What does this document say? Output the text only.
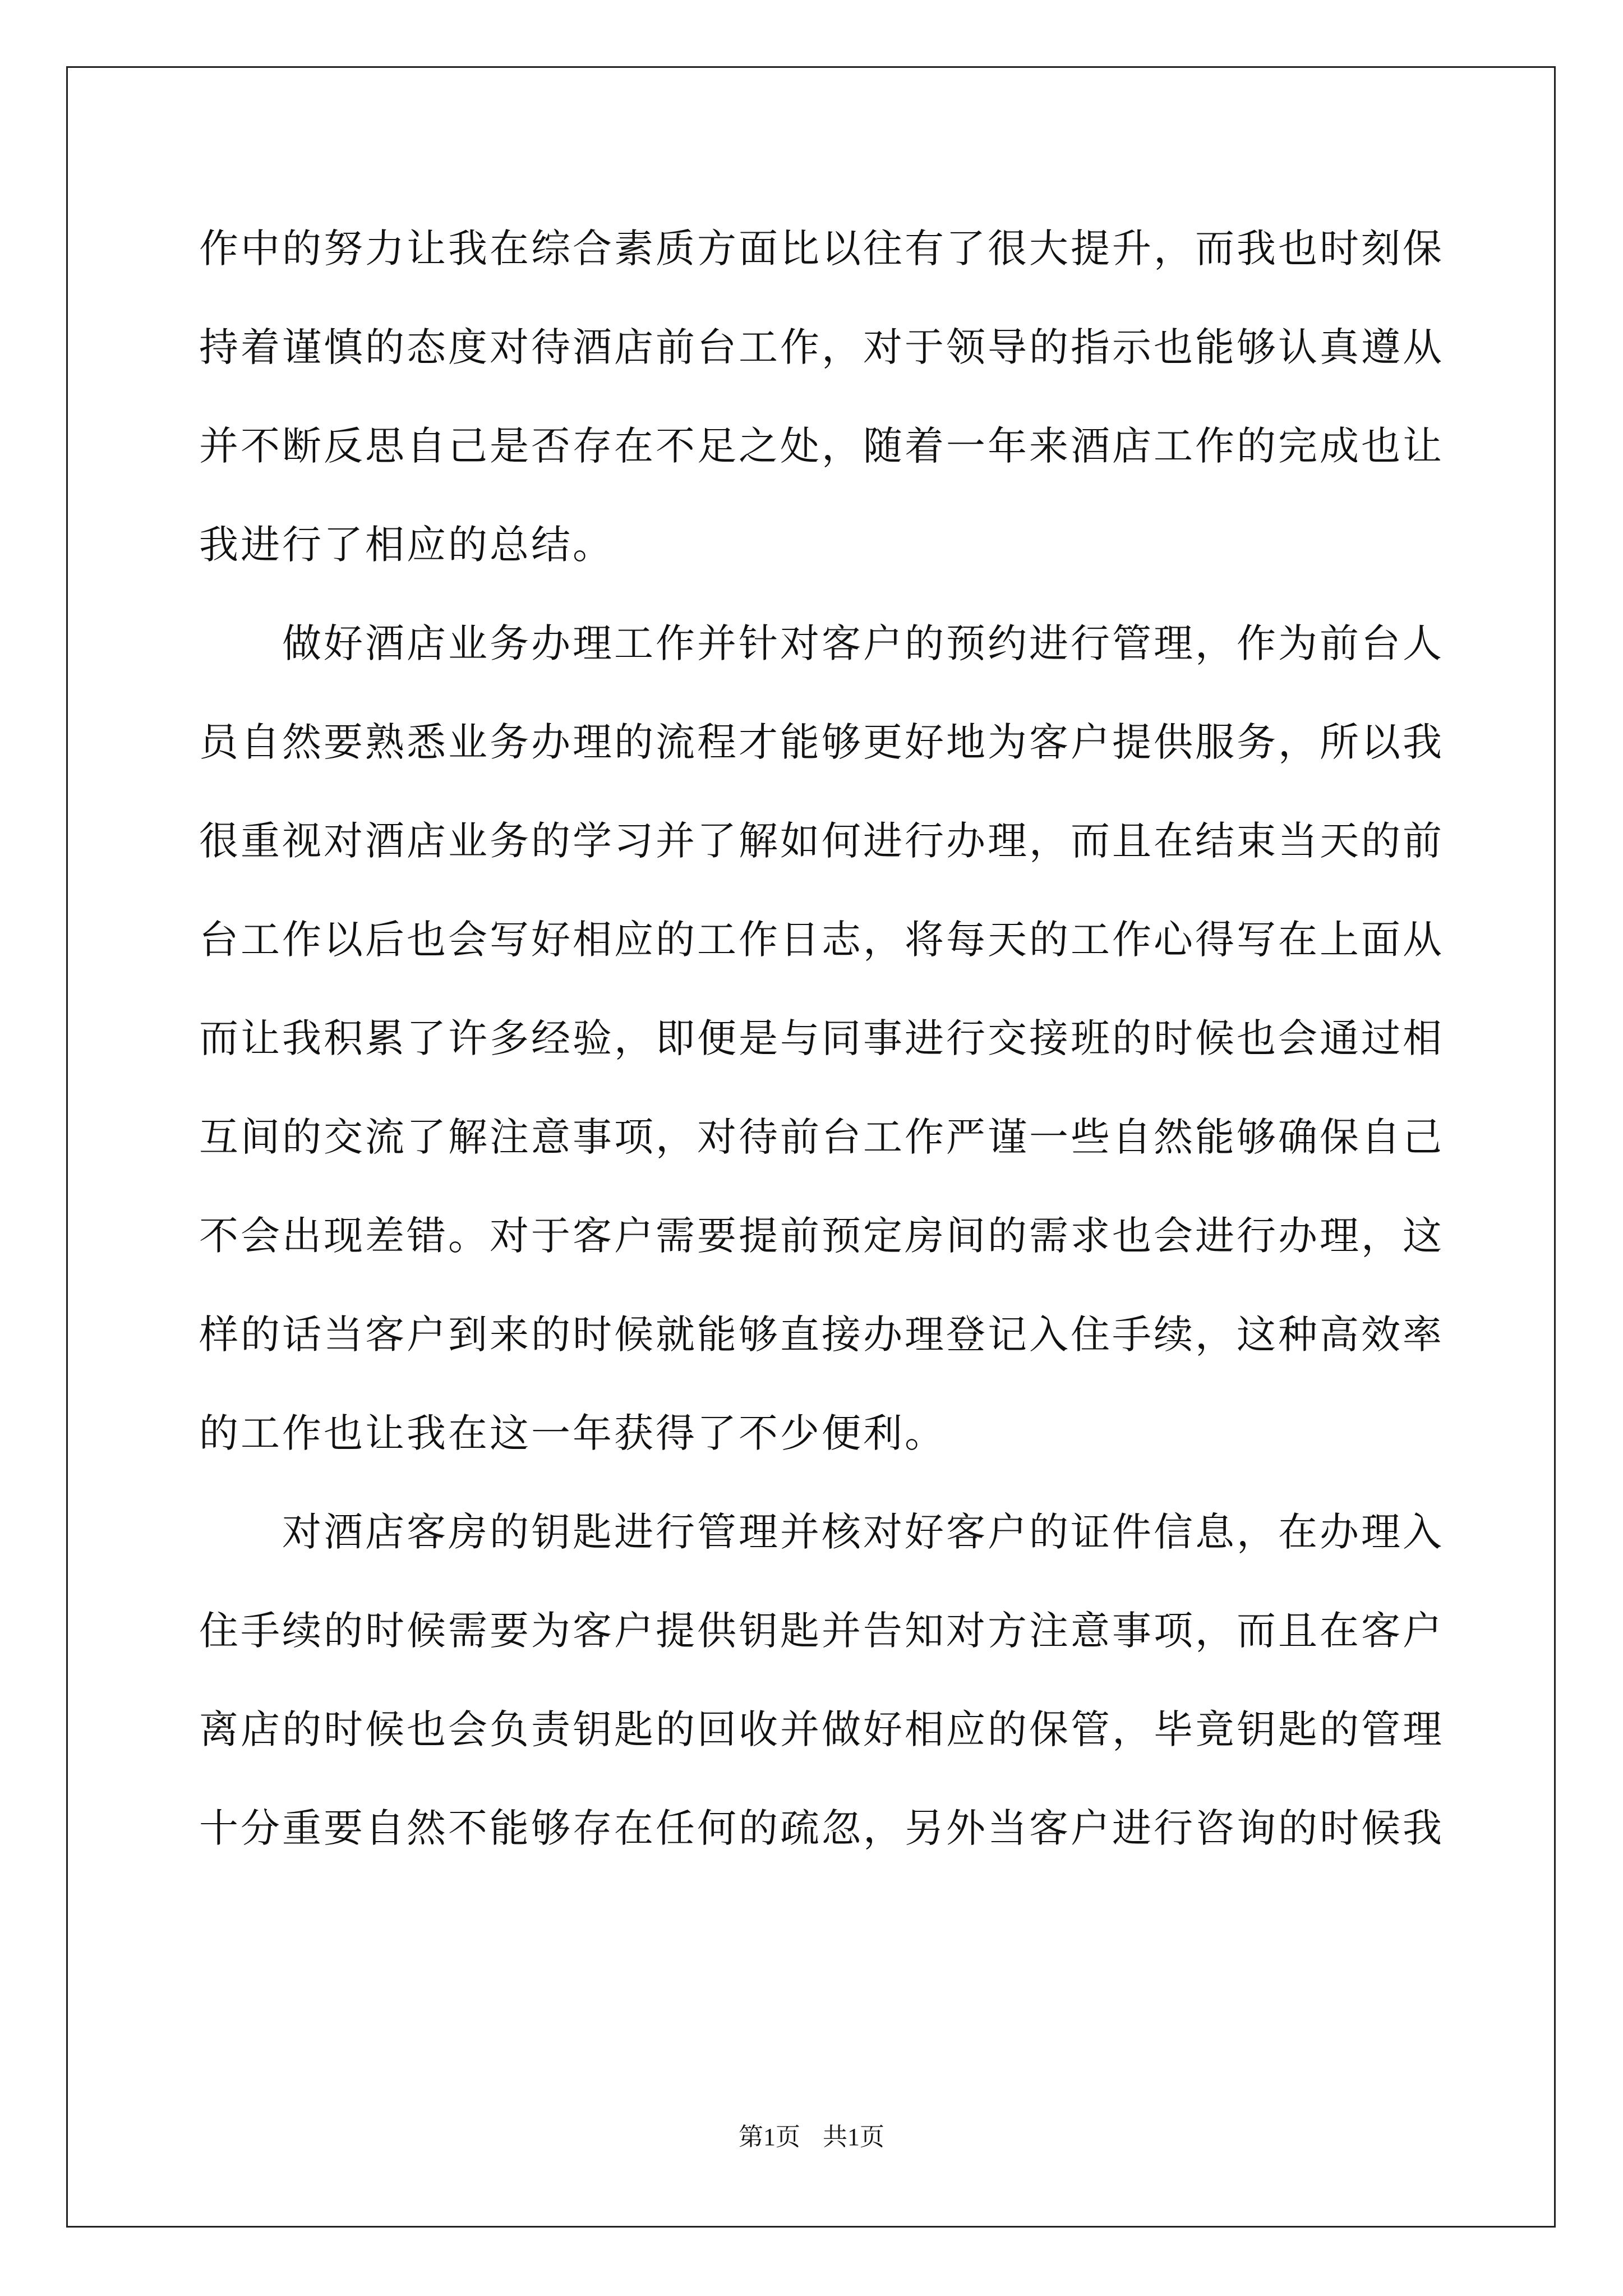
作中的努力让我在综合素质方面比以往有了很大提升，而我也时刻保
持着谨慎的态度对待酒店前台工作，对于领导的指示也能够认真遵从
并不断反思自己是否存在不足之处，随着一年来酒店工作的完成也让
我进行了相应的总结。
做好酒店业务办理工作并针对客户的预约进行管理，作为前台人
员自然要熟悉业务办理的流程才能够更好地为客户提供服务，所以我
很重视对酒店业务的学习并了解如何进行办理，而且在结束当天的前
台工作以后也会写好相应的工作日志，将每天的工作心得写在上面从
而让我积累了许多经验，即便是与同事进行交接班的时候也会通过相
互间的交流了解注意事项，对待前台工作严谨一些自然能够确保自己
不会出现差错。对于客户需要提前预定房间的需求也会进行办理，这
样的话当客户到来的时候就能够直接办理登记入住手续，这种高效率
的工作也让我在这一年获得了不少便利。
对酒店客房的钥匙进行管理并核对好客户的证件信息，在办理入
住手续的时候需要为客户提供钥匙并告知对方注意事项，而且在客户
离店的时候也会负责钥匙的回收并做好相应的保管，毕竟钥匙的管理
十分重要自然不能够存在任何的疏忽，另外当客户进行咨询的时候我
第1页 共1页
